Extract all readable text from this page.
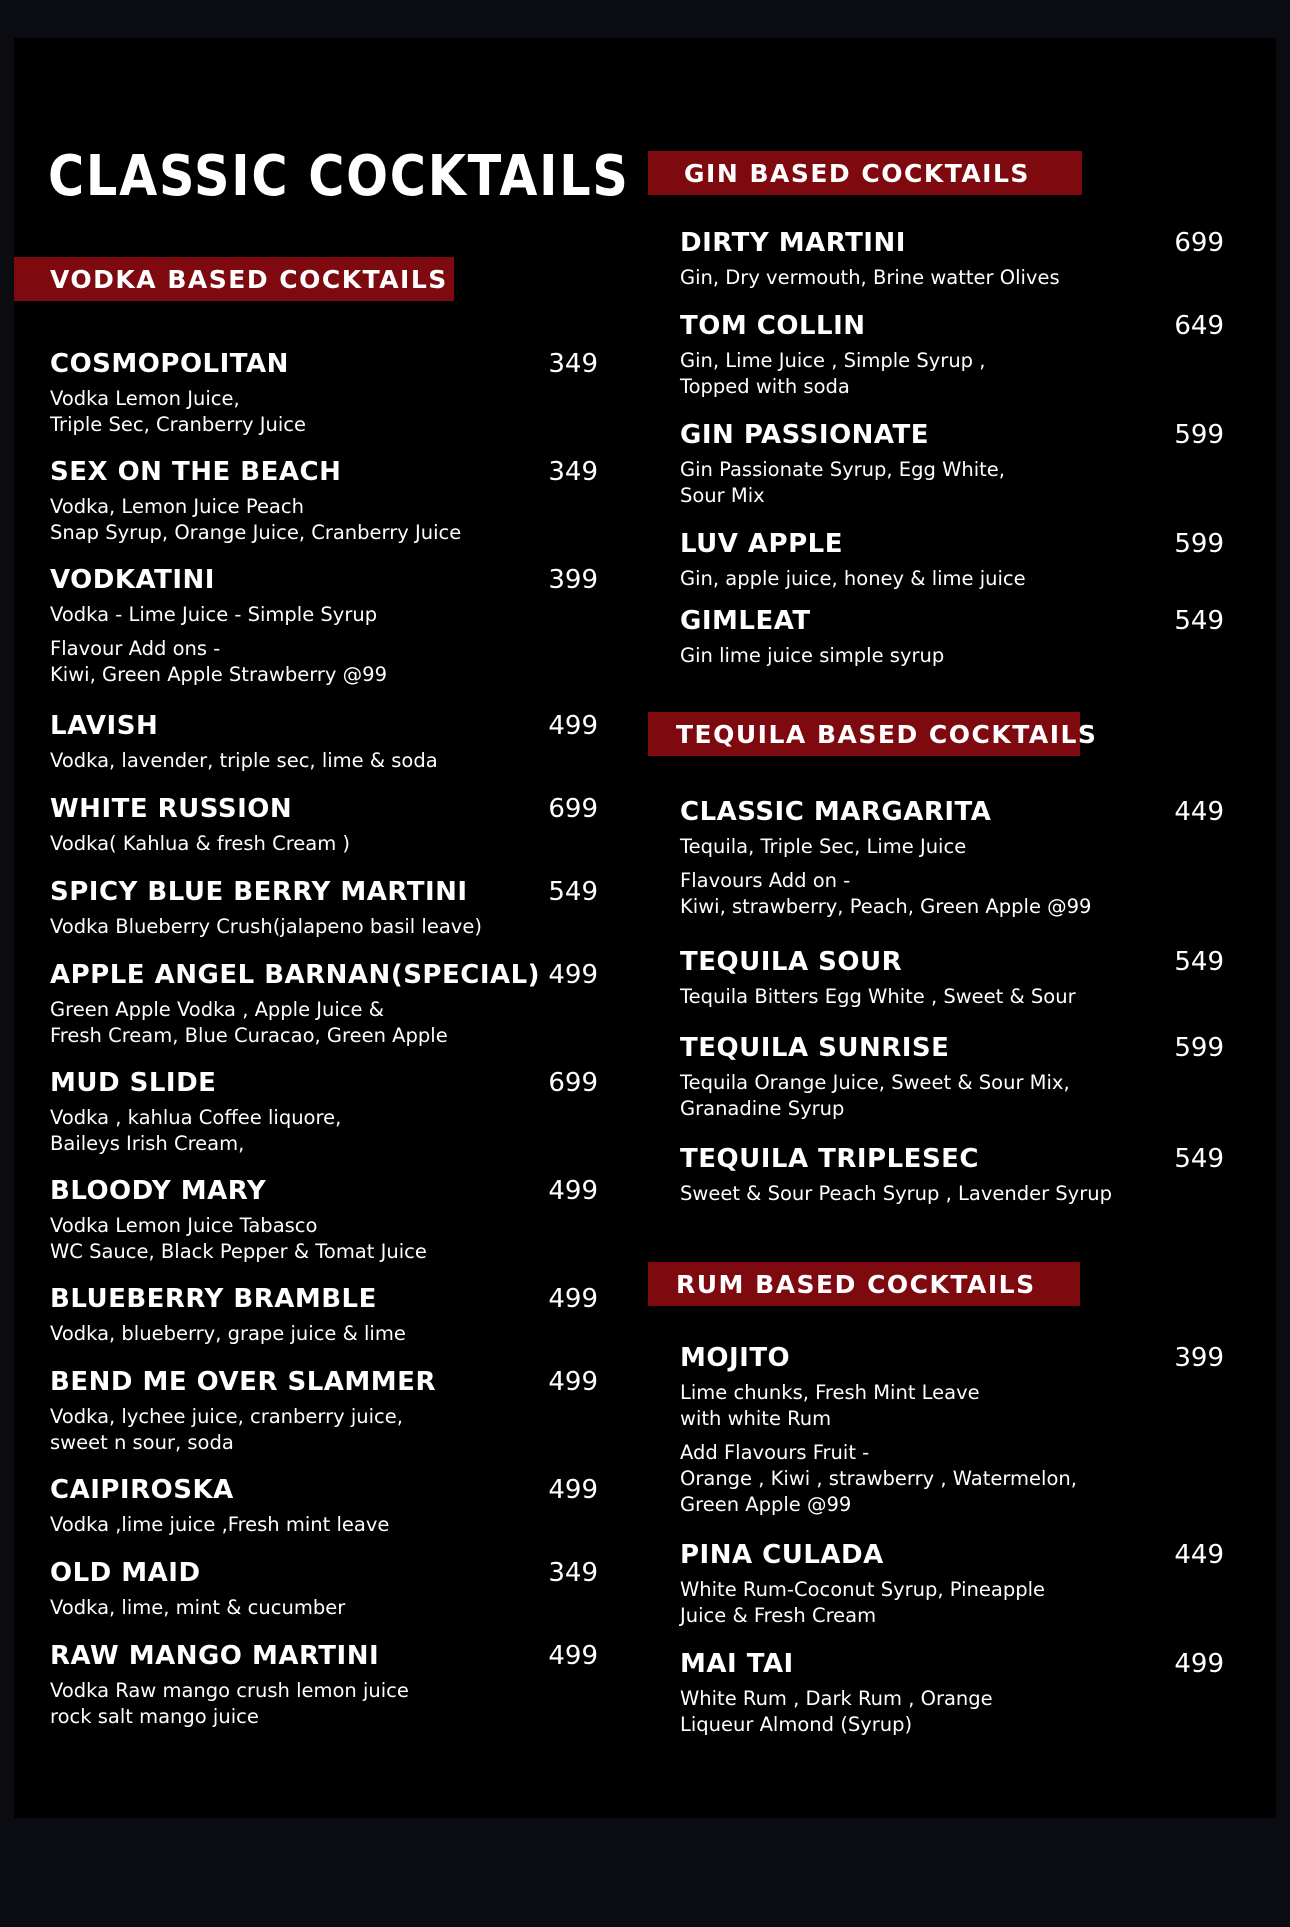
CLASSIC COCKTAILS
VODKA BASED COCKTAILS
GIN BASED COCKTAILS
TEQUILA BASED COCKTAILS
RUM BASED COCKTAILS
COSMOPOLITAN	349
Vodka Lemon Juice,
Triple Sec, Cranberry Juice
SEX ON THE BEACH	349
Vodka, Lemon Juice Peach
Snap Syrup, Orange Juice, Cranberry Juice
VODKATINI	399
Vodka - Lime Juice - Simple Syrup
Flavour Add ons -
Kiwi, Green Apple Strawberry @99
LAVISH	499
Vodka, lavender, triple sec, lime & soda
WHITE RUSSION	699
Vodka( Kahlua & fresh Cream )
SPICY BLUE BERRY MARTINI	549
Vodka Blueberry Crush(jalapeno basil leave)
APPLE ANGEL BARNAN(SPECIAL) 499
Green Apple Vodka , Apple Juice &
Fresh Cream, Blue Curacao, Green Apple
MUD SLIDE	699
Vodka , kahlua Coffee liquore,
Baileys Irish Cream,
BLOODY MARY	499
Vodka Lemon Juice Tabasco
WC Sauce, Black Pepper & Tomat Juice
BLUEBERRY BRAMBLE	499
Vodka, blueberry, grape juice & lime
BEND ME OVER SLAMMER	499
Vodka, lychee juice, cranberry juice,
sweet n sour, soda
CAIPIROSKA	499
Vodka ,lime juice ,Fresh mint leave
OLD MAID	349
Vodka, lime, mint & cucumber
RAW MANGO MARTINI	499
Vodka Raw mango crush lemon juice
rock salt mango juice
DIRTY MARTINI	699
Gin, Dry vermouth, Brine watter Olives
TOM COLLIN	649
Gin, Lime Juice , Simple Syrup ,
Topped with soda
GIN PASSIONATE	599
Gin Passionate Syrup, Egg White,
Sour Mix
LUV APPLE	599
Gin, apple juice, honey & lime juice
GIMLEAT	549
Gin lime juice simple syrup
CLASSIC MARGARITA	449
Tequila, Triple Sec, Lime Juice
Flavours Add on -
Kiwi, strawberry, Peach, Green Apple @99
TEQUILA SOUR	549
Tequila Bitters Egg White , Sweet & Sour
TEQUILA SUNRISE	599
Tequila Orange Juice, Sweet & Sour Mix,
Granadine Syrup
TEQUILA TRIPLESEC	549
Sweet & Sour Peach Syrup , Lavender Syrup
MOJITO	399
Lime chunks, Fresh Mint Leave
with white Rum
Add Flavours Fruit -
Orange , Kiwi , strawberry , Watermelon,
Green Apple @99
PINA CULADA	449
White Rum-Coconut Syrup, Pineapple
Juice & Fresh Cream
MAI TAI	499
White Rum , Dark Rum , Orange
Liqueur Almond (Syrup)
